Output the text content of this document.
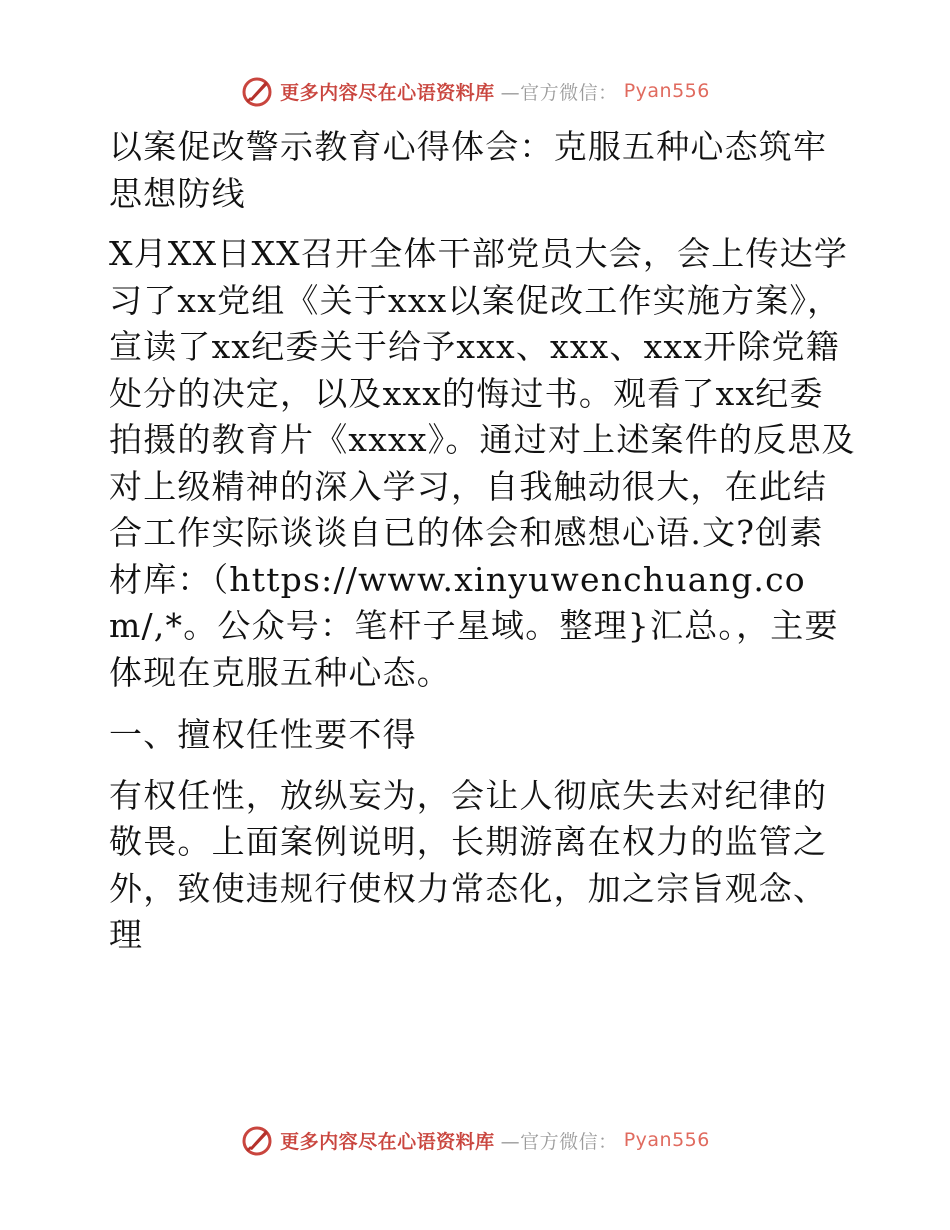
更多内容尽在心语资料库 —官方微信： Pyan556

以案促改警示教育心得体会：克服五种心态筑牢思想防线

X月XX日XX召开全体干部党员大会，会上传达学习了xx党组《关于xxx以案促改工作实施方案》，宣读了xx纪委关于给予xxx、xxx、xxx开除党籍处分的决定，以及xxx的悔过书。观看了xx纪委拍摄的教育片《xxxx》。通过对上述案件的反思及对上级精神的深入学习，自我触动很大，在此结合工作实际谈谈自已的体会和感想心语.文?创素材库：（https://www.xinyuwenchuang.com/,*。公众号：笔杆子星域。整理}汇总。，主要体现在克服五种心态。

一、擅权任性要不得

有权任性，放纵妄为，会让人彻底失去对纪律的敬畏。上面案例说明，长期游离在权力的监管之外，致使违规行使权力常态化，加之宗旨观念、理

更多内容尽在心语资料库 —官方微信： Pyan556
